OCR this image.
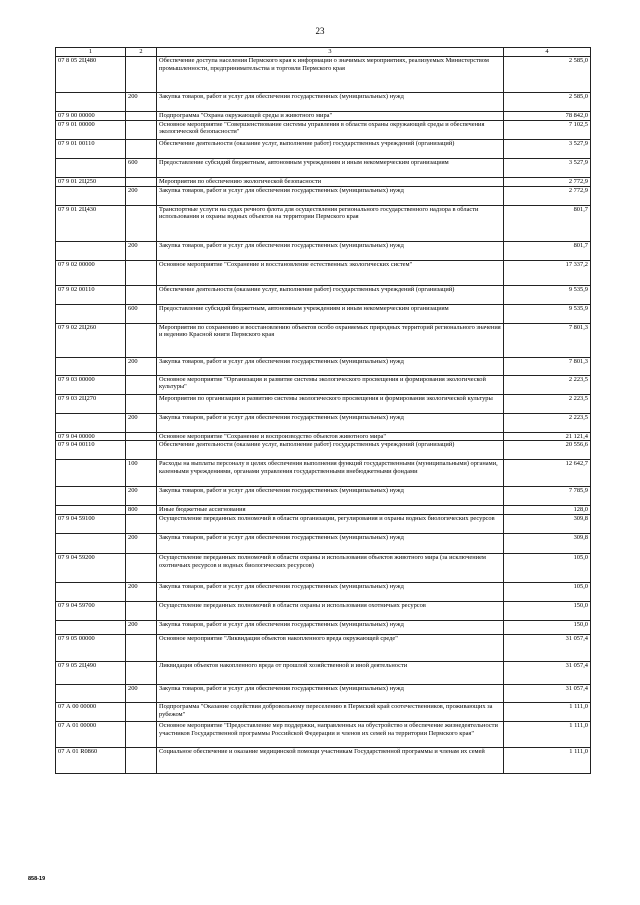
23
1	2	3	4
07 8 05 2Ц480		Обеспечение доступа населения Пермского края к информации о значимых мероприятиях, реализуемых Министерством промышленности, предпринимательства и торговли Пермского края	2 585,0
	200	Закупка товаров, работ и услуг для обеспечения государственных (муниципальных) нужд	2 585,0
07 9 00 00000		Подпрограмма "Охрана окружающей среды и животного мира"	78 842,0
07 9 01 00000		Основное мероприятие "Совершенствование системы управления в области охраны окружающей среды и обеспечения экологической безопасности"	7 102,5
07 9 01 00110		Обеспечение деятельности (оказание услуг, выполнение работ) государственных учреждений (организаций)	3 527,9
	600	Предоставление субсидий бюджетным, автономным учреждениям и иным некоммерческим организациям	3 527,9
07 9 01 2Ц250		Мероприятия по обеспечению экологической безопасности	2 772,9
	200	Закупка товаров, работ и услуг для обеспечения государственных (муниципальных) нужд	2 772,9
07 9 01 2Ц430		Транспортные услуги на судах речного флота для осуществления регионального государственного надзора в области использования и охраны водных объектов на территории Пермского края	801,7
	200	Закупка товаров, работ и услуг для обеспечения государственных (муниципальных) нужд	801,7
07 9 02 00000		Основное мероприятие "Сохранение и восстановление естественных экологических систем"	17 337,2
07 9 02 00110		Обеспечение деятельности (оказание услуг, выполнение работ) государственных учреждений (организаций)	9 535,9
	600	Предоставление субсидий бюджетным, автономным учреждениям и иным некоммерческим организациям	9 535,9
07 9 02 2Ц260		Мероприятия по сохранению и восстановлению объектов особо охраняемых природных территорий регионального значения и ведению Красной книги Пермского края	7 801,3
	200	Закупка товаров, работ и услуг для обеспечения государственных (муниципальных) нужд	7 801,3
07 9 03 00000		Основное мероприятие "Организация и развитие системы экологического просвещения и формирования экологической культуры"	2 223,5
07 9 03 2Ц270		Мероприятия по организации и развитию системы экологического просвещения и формирования экологической культуры	2 223,5
	200	Закупка товаров, работ и услуг для обеспечения государственных (муниципальных) нужд	2 223,5
07 9 04 00000		Основное мероприятие "Сохранение и воспроизводство объектов животного мира"	21 121,4
07 9 04 00110		Обеспечение деятельности (оказание услуг, выполнение работ) государственных учреждений (организаций)	20 556,6
	100	Расходы на выплаты персоналу в целях обеспечения выполнения функций государственными (муниципальными) органами, казенными учреждениями, органами управления государственными внебюджетными фондами	12 642,7
	200	Закупка товаров, работ и услуг для обеспечения государственных (муниципальных) нужд	7 785,9
	800	Иные бюджетные ассигнования	128,0
07 9 04 59100		Осуществление переданных полномочий в области организации, регулирования и охраны водных биологических ресурсов	309,8
	200	Закупка товаров, работ и услуг для обеспечения государственных (муниципальных) нужд	309,8
07 9 04 59200		Осуществление переданных полномочий в области охраны и использования объектов животного мира (за исключением охотничьих ресурсов и водных биологических ресурсов)	105,0
	200	Закупка товаров, работ и услуг для обеспечения государственных (муниципальных) нужд	105,0
07 9 04 59700		Осуществление переданных полномочий в области охраны и использования охотничьих ресурсов	150,0
	200	Закупка товаров, работ и услуг для обеспечения государственных (муниципальных) нужд	150,0
07 9 05 00000		Основное мероприятие "Ликвидация объектов накопленного вреда окружающей среде"	31 057,4
07 9 05 2Ц490		Ликвидация объектов накопленного вреда от прошлой хозяйственной и иной деятельности	31 057,4
	200	Закупка товаров, работ и услуг для обеспечения государственных (муниципальных) нужд	31 057,4
07 А 00 00000		Подпрограмма "Оказание содействия добровольному переселению в Пермский край соотечественников, проживающих за рубежом"	1 111,0
07 А 01 00000		Основное мероприятие "Предоставление мер поддержки, направленных на обустройство и обеспечение жизнедеятельности участников Государственной программы Российской Федерации и членов их семей на территории Пермского края"	1 111,0
07 А 01 R0860		Социальное обеспечение и оказание медицинской помощи участникам Государственной программы и членам их семей	1 111,0
858-19
